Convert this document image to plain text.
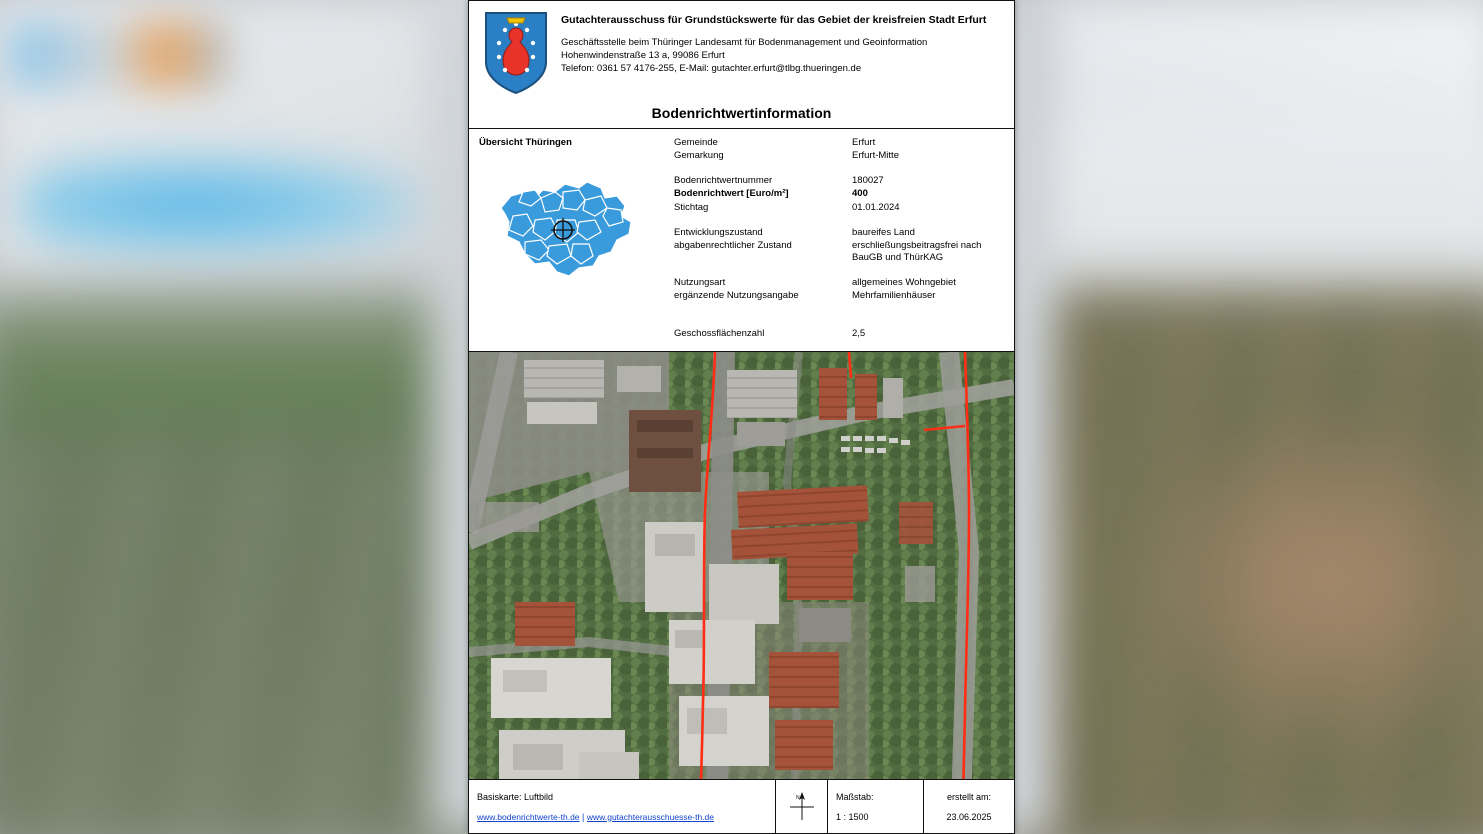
Gutachterausschuss für Grundstückswerte für das Gebiet der kreisfreien Stadt Erfurt
Geschäftsstelle beim Thüringer Landesamt für Bodenmanagement und Geoinformation
Hohenwindenstraße 13 a, 99086 Erfurt
Telefon: 0361 57 4176-255, E-Mail: gutachter.erfurt@tlbg.thueringen.de
Bodenrichtwertinformation
Übersicht Thüringen	Gemeinde	Erfurt
Gemarkung	Erfurt-Mitte

Bodenrichtwertnummer	180027
Bodenrichtwert [Euro/m²]	400
Stichtag	01.01.2024

Entwicklungszustand	baureifes Land
abgabenrechtlicher Zustand	erschließungsbeitragsfrei nach BauGB und ThürKAG

Nutzungsart	allgemeines Wohngebiet
ergänzende Nutzungsangabe	Mehrfamilienhäuser

Geschossflächenzahl	2,5
Basiskarte: Luftbild
www.bodenrichtwerte-th.de | www.gutachterausschuesse-th.de
N	Maßstab:
1 : 1500
erstellt am:
23.06.2025
